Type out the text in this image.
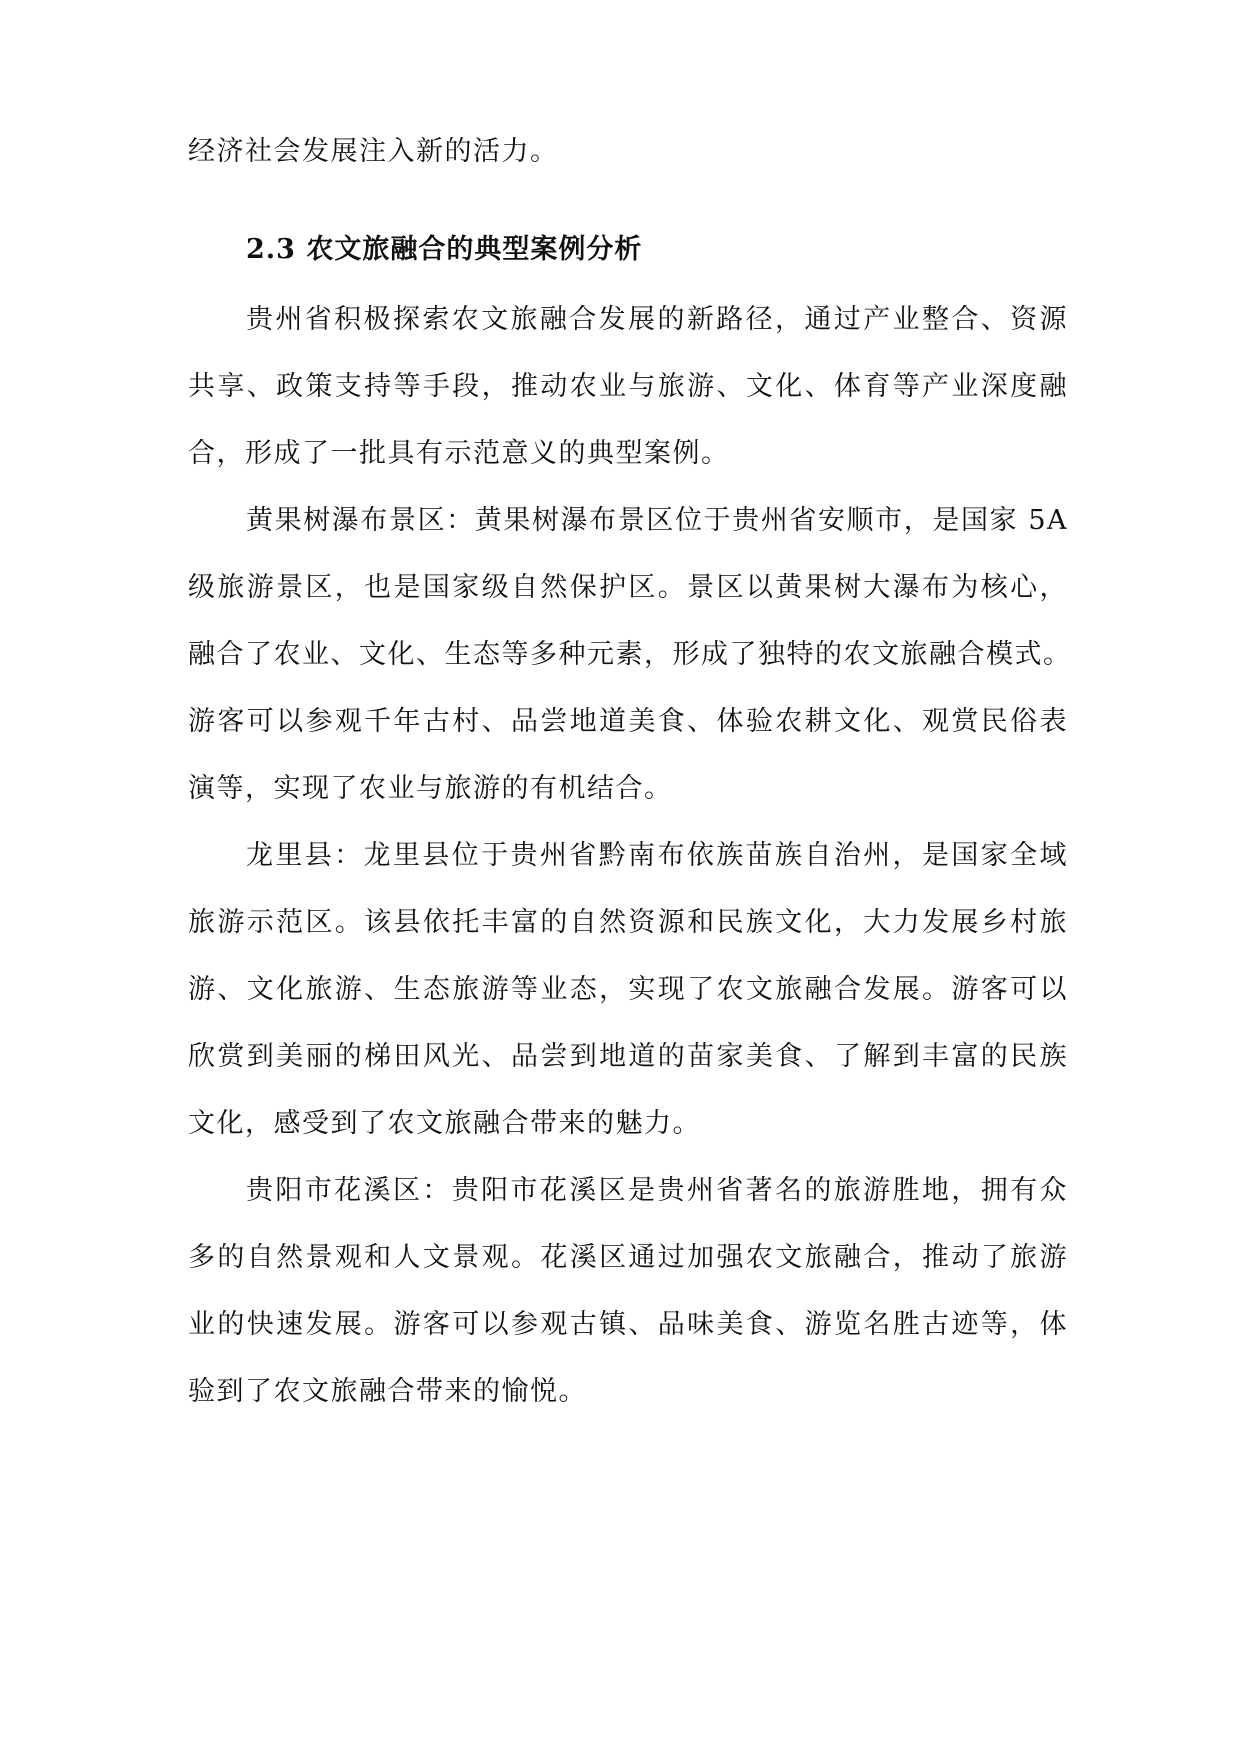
经济社会发展注入新的活力。
2.3 农文旅融合的典型案例分析
贵州省积极探索农文旅融合发展的新路径，通过产业整合、资源
共享、政策支持等手段，推动农业与旅游、文化、体育等产业深度融
合，形成了一批具有示范意义的典型案例。
黄果树瀑布景区：黄果树瀑布景区位于贵州省安顺市，是国家 5A
级旅游景区，也是国家级自然保护区。景区以黄果树大瀑布为核心，
融合了农业、文化、生态等多种元素，形成了独特的农文旅融合模式。
游客可以参观千年古村、品尝地道美食、体验农耕文化、观赏民俗表
演等，实现了农业与旅游的有机结合。
龙里县：龙里县位于贵州省黔南布依族苗族自治州，是国家全域
旅游示范区。该县依托丰富的自然资源和民族文化，大力发展乡村旅
游、文化旅游、生态旅游等业态，实现了农文旅融合发展。游客可以
欣赏到美丽的梯田风光、品尝到地道的苗家美食、了解到丰富的民族
文化，感受到了农文旅融合带来的魅力。
贵阳市花溪区：贵阳市花溪区是贵州省著名的旅游胜地，拥有众
多的自然景观和人文景观。花溪区通过加强农文旅融合，推动了旅游
业的快速发展。游客可以参观古镇、品味美食、游览名胜古迹等，体
验到了农文旅融合带来的愉悦。
